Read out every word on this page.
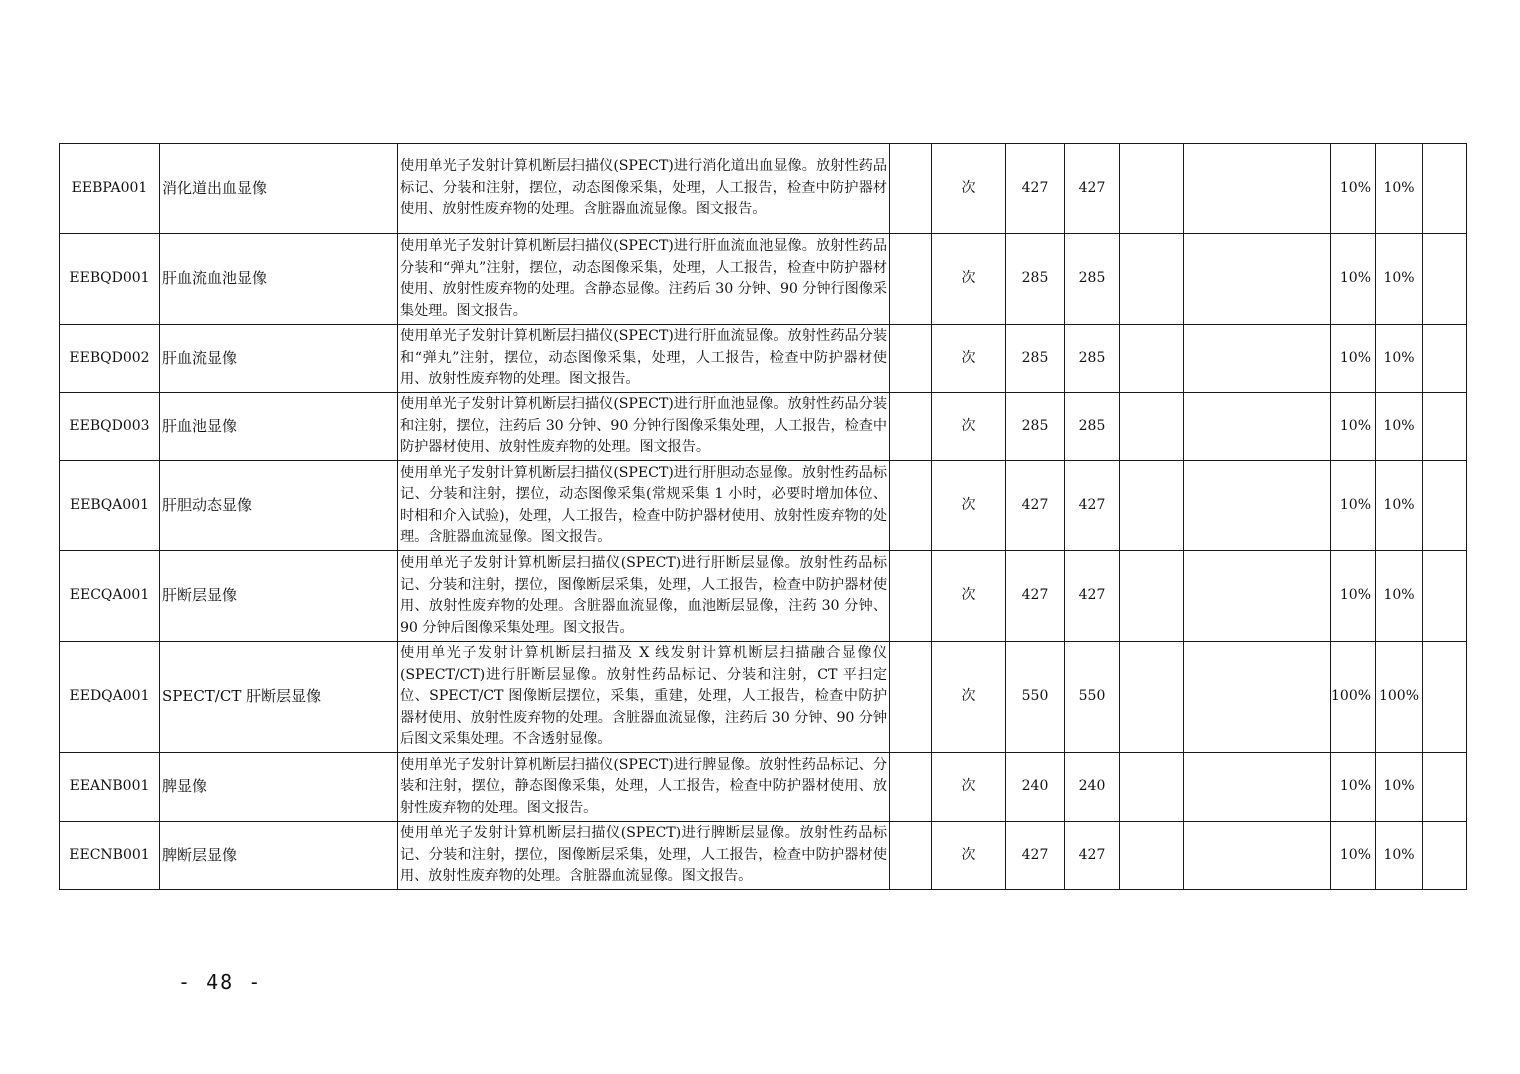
EEBPA001	消化道出血显像	使用单光子发射计算机断层扫描仪(SPECT)进行消化道出血显像。放射性药品标记、分装和注射，摆位，动态图像采集，处理，人工报告，检查中防护器材使用、放射性废弃物的处理。含脏器血流显像。图文报告。		次	427	427			10%	10%	
EEBQD001	肝血流血池显像	使用单光子发射计算机断层扫描仪(SPECT)进行肝血流血池显像。放射性药品分装和“弹丸”注射，摆位，动态图像采集，处理，人工报告，检查中防护器材使用、放射性废弃物的处理。含静态显像。注药后 30 分钟、90 分钟行图像采集处理。图文报告。		次	285	285			10%	10%	
EEBQD002	肝血流显像	使用单光子发射计算机断层扫描仪(SPECT)进行肝血流显像。放射性药品分装和“弹丸”注射，摆位，动态图像采集，处理，人工报告，检查中防护器材使用、放射性废弃物的处理。图文报告。		次	285	285			10%	10%	
EEBQD003	肝血池显像	使用单光子发射计算机断层扫描仪(SPECT)进行肝血池显像。放射性药品分装和注射，摆位，注药后 30 分钟、90 分钟行图像采集处理，人工报告，检查中防护器材使用、放射性废弃物的处理。图文报告。		次	285	285			10%	10%	
EEBQA001	肝胆动态显像	使用单光子发射计算机断层扫描仪(SPECT)进行肝胆动态显像。放射性药品标记、分装和注射，摆位，动态图像采集(常规采集 1 小时，必要时增加体位、时相和介入试验)，处理，人工报告，检查中防护器材使用、放射性废弃物的处理。含脏器血流显像。图文报告。		次	427	427			10%	10%	
EECQA001	肝断层显像	使用单光子发射计算机断层扫描仪(SPECT)进行肝断层显像。放射性药品标记、分装和注射，摆位，图像断层采集，处理，人工报告，检查中防护器材使用、放射性废弃物的处理。含脏器血流显像，血池断层显像，注药 30 分钟、90 分钟后图像采集处理。图文报告。		次	427	427			10%	10%	
EEDQA001	SPECT/CT 肝断层显像	使用单光子发射计算机断层扫描及 X 线发射计算机断层扫描融合显像仪(SPECT/CT)进行肝断层显像。放射性药品标记、分装和注射，CT 平扫定位、SPECT/CT 图像断层摆位，采集，重建，处理，人工报告，检查中防护器材使用、放射性废弃物的处理。含脏器血流显像，注药后 30 分钟、90 分钟后图文采集处理。不含透射显像。		次	550	550			100%	100%	
EEANB001	脾显像	使用单光子发射计算机断层扫描仪(SPECT)进行脾显像。放射性药品标记、分装和注射，摆位，静态图像采集，处理，人工报告，检查中防护器材使用、放射性废弃物的处理。图文报告。		次	240	240			10%	10%	
EECNB001	脾断层显像	使用单光子发射计算机断层扫描仪(SPECT)进行脾断层显像。放射性药品标记、分装和注射，摆位，图像断层采集，处理，人工报告，检查中防护器材使用、放射性废弃物的处理。含脏器血流显像。图文报告。		次	427	427			10%	10%	
- 48 -
